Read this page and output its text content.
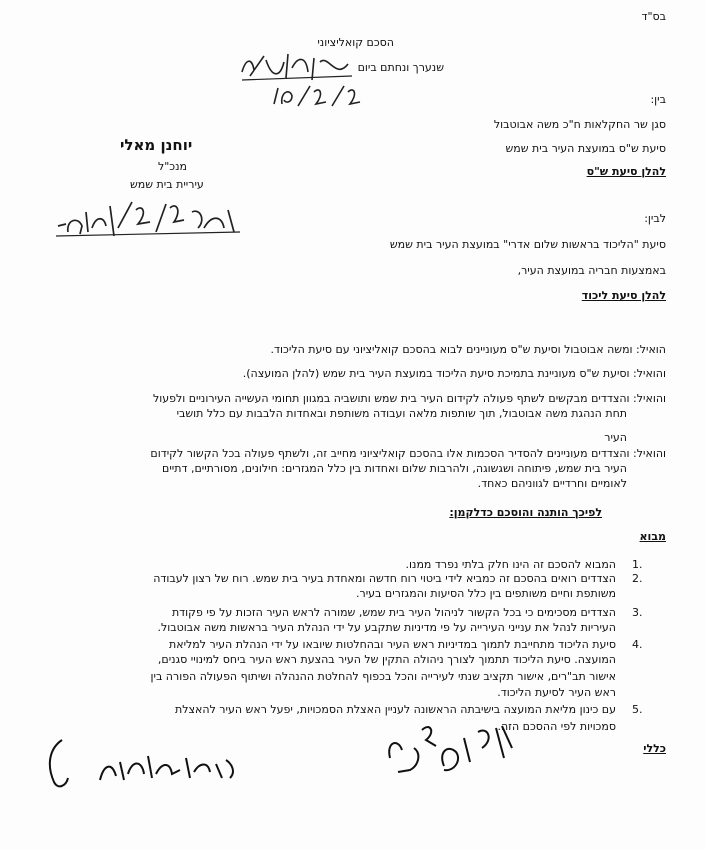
בס"ד
הסכם קואליציוני
שנערך ונחתם ביום
בין:
סגן שר החקלאות ח"כ משה אבוטבול
סיעת ש"ס במועצת העיר בית שמש
להלן סיעת ש"ס
יוחנן מאלי
מנכ"ל
עיריית בית שמש
לבין:
סיעת "הליכוד בראשות שלום אדרי" במועצת העיר בית שמש
באמצעות חבריה במועצת העיר,
להלן סיעת ליכוד
הואיל: ומשה אבוטבול וסיעת ש"ס מעוניינים לבוא בהסכם קואליציוני עם סיעת הליכוד.
והואיל: וסיעת ש"ס מעוניינת בתמיכת סיעת הליכוד במועצת העיר בית שמש (להלן המועצה).
והואיל: והצדדים מבקשים לשתף פעולה לקידום העיר בית שמש ותושביה במגוון תחומי העשייה העירוניים ולפעול
תחת הנהגת משה אבוטבול, תוך שותפות מלאה ועבודה משותפת ובאחדות הלבבות עם כלל תושבי
העיר
והואיל: והצדדים מעוניינים להסדיר הסכמות אלו בהסכם קואליציוני מחייב זה, ולשתף פעולה בכל הקשור לקידום
העיר בית שמש, פיתוחה ושגשוגה, ולהרבות שלום ואחדות בין כלל המגזרים: חילונים, מסורתיים, דתיים
לאומיים וחרדיים לגווניהם כאחד.
לפיכך הותנה והוסכם כדלקמן:
מבוא
1.
המבוא להסכם זה הינו חלק בלתי נפרד ממנו.
2.
הצדדים רואים בהסכם זה כמביא לידי ביטוי רוח חדשה ומאחדת בעיר בית שמש. רוח של רצון לעבודה
משותפת וחיים משותפים בין כלל הסיעות והמגזרים בעיר.
3.
הצדדים מסכימים כי בכל הקשור לניהול העיר בית שמש, שמורה לראש העיר הזכות על פי פקודת
העיריות לנהל את ענייני העירייה על פי מדיניות שתקבע על ידי הנהלת העיר בראשות משה אבוטבול.
4.
סיעת הליכוד מתחייבת לתמוך במדיניות ראש העיר ובהחלטות שיובאו על ידי הנהלת העיר למליאת
המועצה. סיעת הליכוד תתמוך לצורך ניהולה התקין של העיר בהצעת ראש העיר ביחס למינויי סגנים,
אישור תב"רים, אישור תקציב שנתי לעירייה והכל בכפוף להחלטת ההנהלה ושיתוף הפעולה הפורה בין
ראש העיר לסיעת הליכוד.
5.
עם כינון מליאת המועצה בישיבתה הראשונה לעניין האצלת הסמכויות, יפעל ראש העיר להאצלת
סמכויות לפי ההסכם הזה.
כללי
